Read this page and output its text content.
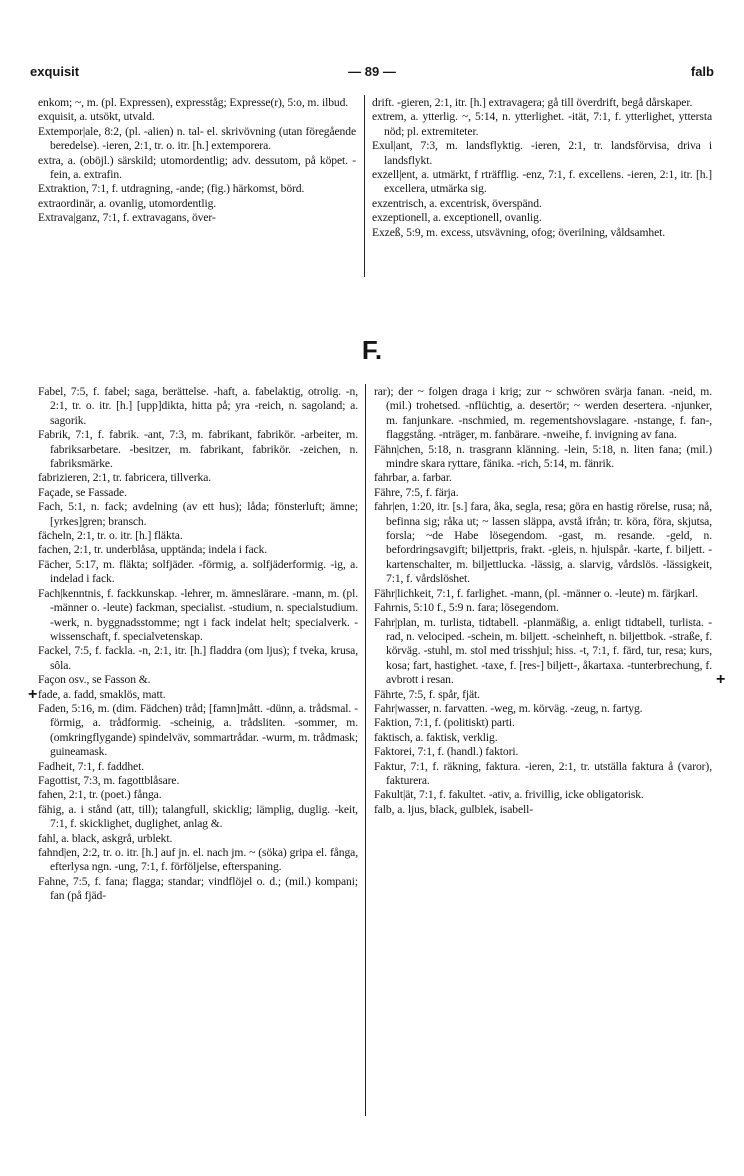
exquisit	— 89 —	falb

enkom; ~, m. (pl. Expressen), expresståg; Expresse(r), 5:o, m. ilbud.

exquisit, a. utsökt, utvald.

Extempor|ale, 8:2, (pl. -alien) n. tal- el. skrivövning (utan föregående beredelse). -ieren, 2:1, tr. o. itr. [h.] extemporera.

extra, a. (oböjl.) särskild; utomordentlig; adv. dessutom, på köpet. -fein, a. extrafin.

Extraktion, 7:1, f. utdragning, -ande; (fig.) härkomst, börd.

extraordinär, a. ovanlig, utomordentlig.

Extrava|ganz, 7:1, f. extravagans, över-

drift. -gieren, 2:1, itr. [h.] extravagera; gå till överdrift, begå dårskaper.

extrem, a. ytterlig. ~, 5:14, n. ytterlighet. -ität, 7:1, f. ytterlighet, yttersta nöd; pl. extremiteter.

Exul|ant, 7:3, m. landsflyktig. -ieren, 2:1, tr. landsförvisa, driva i landsflykt.

exzell|ent, a. utmärkt, f rträfflig. -enz, 7:1, f. excellens. -ieren, 2:1, itr. [h.] excellera, utmärka sig.

exzentrisch, a. excentrisk, överspänd.

exzeptionell, a. exceptionell, ovanlig.

Exzeß, 5:9, m. excess, utsvävning, ofog; överilning, våldsamhet.

F.
+
+

Fabel, 7:5, f. fabel; saga, berättelse. -haft, a. fabelaktig, otrolig. -n, 2:1, tr. o. itr. [h.] [upp]dikta, hitta på; yra -reich, n. sagoland; a. sagorik.

Fabrik, 7:1, f. fabrik. -ant, 7:3, m. fabrikant, fabrikör. -arbeiter, m. fabriksarbetare. -besitzer, m. fabrikant, fabrikör. -zeichen, n. fabriksmärke.

fabrizieren, 2:1, tr. fabricera, tillverka.

Façade, se Fassade.

Fach, 5:1, n. fack; avdelning (av ett hus); låda; fönsterluft; ämne; [yrkes]gren; bransch.

fächeln, 2:1, tr. o. itr. [h.] fläkta.

fachen, 2:1, tr. underblåsa, upptända; indela i fack.

Fächer, 5:17, m. fläkta; solfjäder. -förmig, a. solfjäderformig. -ig, a. indelad i fack.

Fach|kenntnis, f. fackkunskap. -lehrer, m. ämneslärare. -mann, m. (pl. -männer o. -leute) fackman, specialist. -studium, n. specialstudium. -werk, n. byggnadsstomme; ngt i fack indelat helt; specialverk. -wissenschaft, f. specialvetenskap.

Fackel, 7:5, f. fackla. -n, 2:1, itr. [h.] fladdra (om ljus); f tveka, krusa, sôla.

Façon osv., se Fasson &.

fade, a. fadd, smaklös, matt.

Faden, 5:16, m. (dim. Fädchen) tråd; [famn]mått. -dünn, a. trådsmal. -förmig, a. trådformig. -scheinig, a. trådsliten. -sommer, m. (omkringflygande) spindelväv, sommartrådar. -wurm, m. trådmask; guineamask.

Fadheit, 7:1, f. faddhet.

Fagottist, 7:3, m. fagottblåsare.

fahen, 2:1, tr. (poet.) fånga.

fähig, a. i stånd (att, till); talangfull, skicklig; lämplig, duglig. -keit, 7:1, f. skicklighet, duglighet, anlag &.

fahl, a. black, askgrå, urblekt.

fahnd|en, 2:2, tr. o. itr. [h.] auf jn. el. nach jm. ~ (söka) gripa el. fånga, efterlysa ngn. -ung, 7:1, f. förföljelse, efterspaning.

Fahne, 7:5, f. fana; flagga; standar; vindflöjel o. d.; (mil.) kompani; fan (på fjäd-

rar); der ~ folgen draga i krig; zur ~ schwören svärja fanan. -neid, m. (mil.) trohetsed. -nflüchtig, a. desertör; ~ werden desertera. -njunker, m. fanjunkare. -nschmied, m. regementshovslagare. -nstange, f. fan-, flaggstång. -nträger, m. fanbärare. -nweihe, f. invigning av fana.

Fähn|chen, 5:18, n. trasgrann klänning. -lein, 5:18, n. liten fana; (mil.) mindre skara ryttare, fänika. -rich, 5:14, m. fänrik.

fahrbar, a. farbar.

Fähre, 7:5, f. färja.

fahr|en, 1:20, itr. [s.] fara, åka, segla, resa; göra en hastig rörelse, rusa; nå, befinna sig; råka ut; ~ lassen släppa, avstå ifrån; tr. köra, föra, skjutsa, forsla; ~de Habe lösegendom. -gast, m. resande. -geld, n. befordringsavgift; biljettpris, frakt. -gleis, n. hjulspår. -karte, f. biljett. -kartenschalter, m. biljettlucka. -lässig, a. slarvig, vårdslös. -lässigkeit, 7:1, f. vårdslöshet.

Fähr|lichkeit, 7:1, f. farlighet. -mann, (pl. -männer o. -leute) m. färjkarl.

Fahrnis, 5:10 f., 5:9 n. fara; lösegendom.

Fahr|plan, m. turlista, tidtabell. -planmäßig, a. enligt tidtabell, turlista. -rad, n. velociped. -schein, m. biljett. -scheinheft, n. biljettbok. -straße, f. körväg. -stuhl, m. stol med trisshjul; hiss. -t, 7:1, f. färd, tur, resa; kurs, kosa; fart, hastighet. -taxe, f. [res-] biljett-, åkartaxa. -tunterbrechung, f. avbrott i resan.

Fährte, 7:5, f. spår, fjät.

Fahr|wasser, n. farvatten. -weg, m. körväg. -zeug, n. fartyg.

Faktion, 7:1, f. (politiskt) parti.

faktisch, a. faktisk, verklig.

Faktorei, 7:1, f. (handl.) faktori.

Faktur, 7:1, f. räkning, faktura. -ieren, 2:1, tr. utställa faktura å (varor), fakturera.

Fakult|ät, 7:1, f. fakultet. -ativ, a. frivillig, icke obligatorisk.

falb, a. ljus, black, gulblek, isabell-
